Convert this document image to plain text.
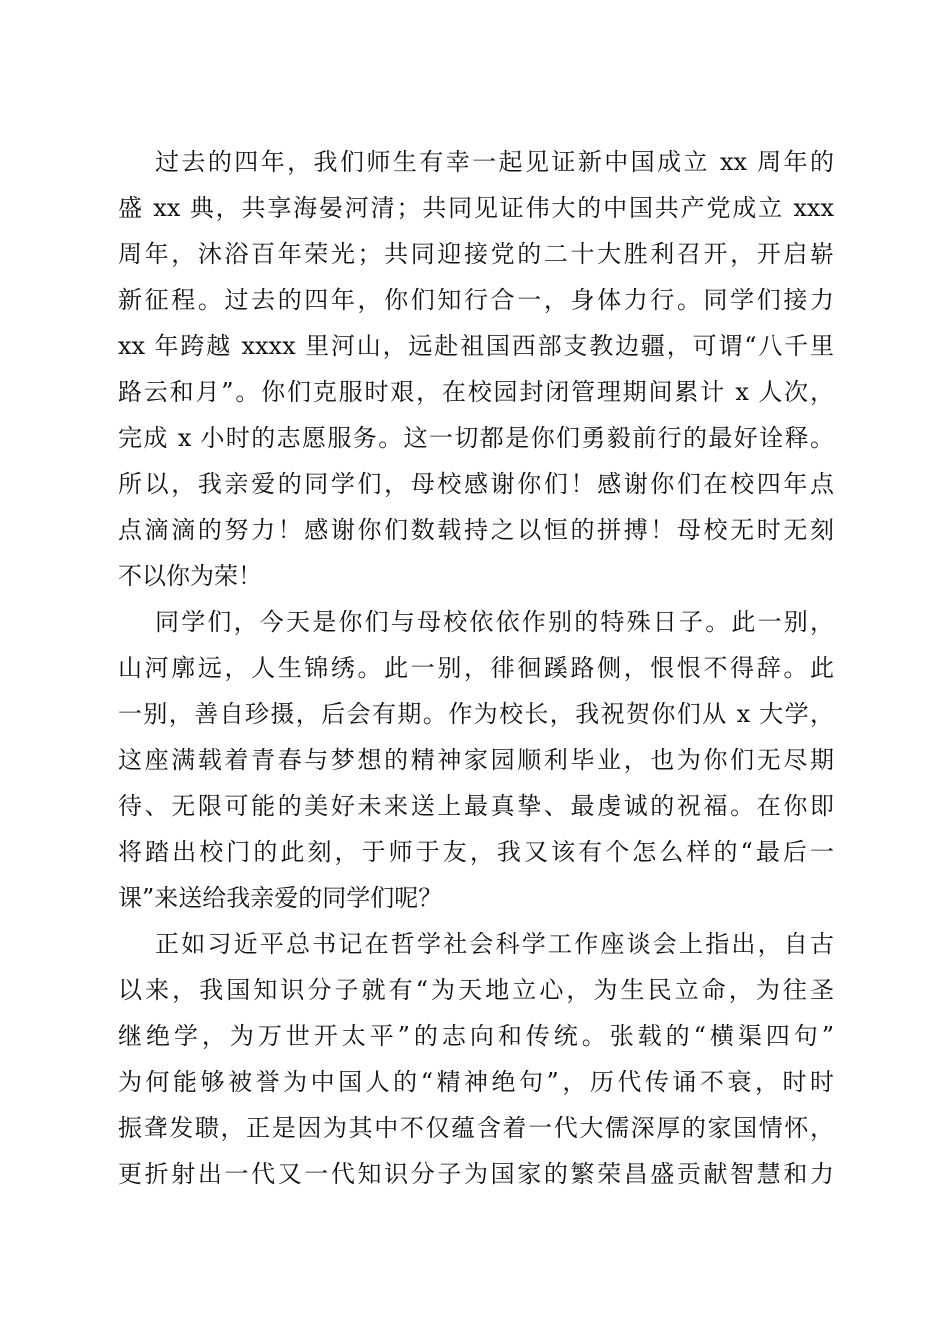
过去的四年，我们师生有幸一起见证新中国成立 xx 周年的
盛 xx 典，共享海晏河清；共同见证伟大的中国共产党成立 xxx
周年，沐浴百年荣光；共同迎接党的二十大胜利召开，开启崭
新征程。过去的四年，你们知行合一，身体力行。同学们接力
xx 年跨越 xxxx 里河山，远赴祖国西部支教边疆，可谓“八千里
路云和月”。你们克服时艰，在校园封闭管理期间累计 x 人次，
完成 x 小时的志愿服务。这一切都是你们勇毅前行的最好诠释。
所以，我亲爱的同学们，母校感谢你们！感谢你们在校四年点
点滴滴的努力！感谢你们数载持之以恒的拼搏！母校无时无刻
不以你为荣！
同学们，今天是你们与母校依依作别的特殊日子。此一别，
山河廓远，人生锦绣。此一别，徘徊蹊路侧，恨恨不得辞。此
一别，善自珍摄，后会有期。作为校长，我祝贺你们从 x 大学，
这座满载着青春与梦想的精神家园顺利毕业，也为你们无尽期
待、无限可能的美好未来送上最真挚、最虔诚的祝福。在你即
将踏出校门的此刻，于师于友，我又该有个怎么样的“最后一
课”来送给我亲爱的同学们呢？
正如习近平总书记在哲学社会科学工作座谈会上指出，自古
以来，我国知识分子就有“为天地立心，为生民立命，为往圣
继绝学，为万世开太平”的志向和传统。张载的“横渠四句”
为何能够被誉为中国人的“精神绝句”，历代传诵不衰，时时
振聋发聩，正是因为其中不仅蕴含着一代大儒深厚的家国情怀，
更折射出一代又一代知识分子为国家的繁荣昌盛贡献智慧和力
